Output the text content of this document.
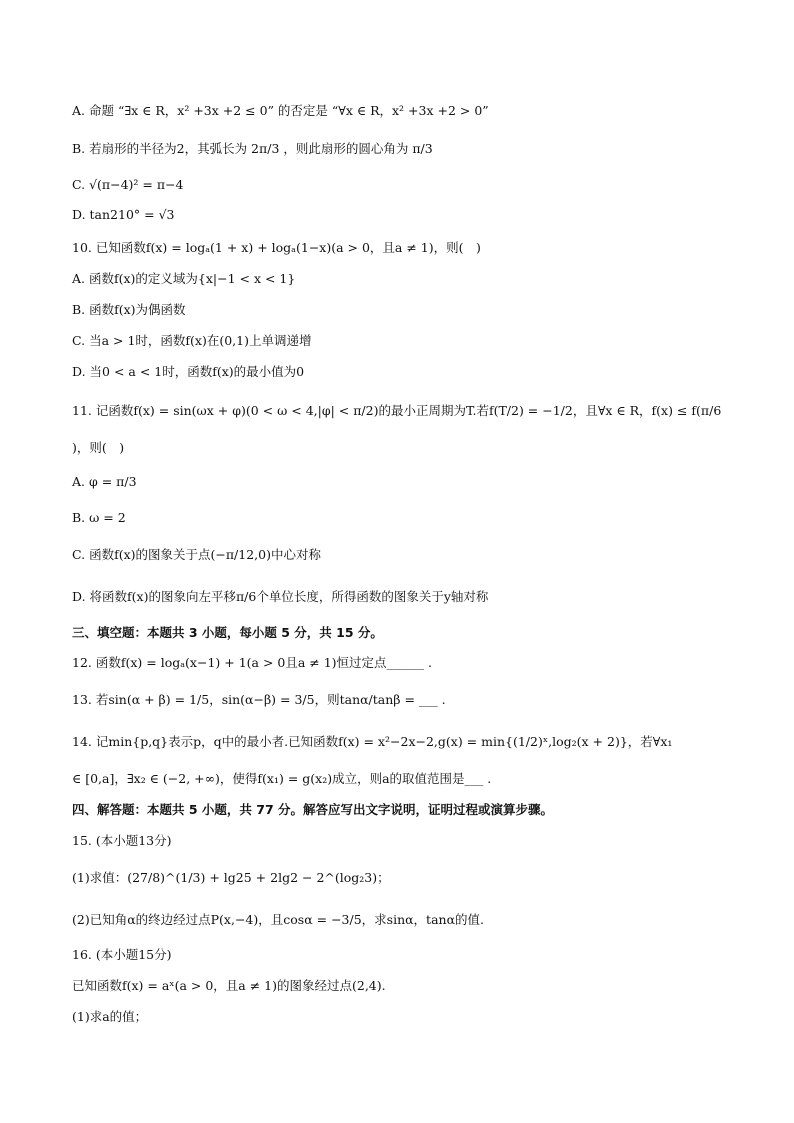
A. 命题 “∃x ∈ R，x² +3x +2 ≤ 0” 的否定是 “∀x ∈ R，x² +3x +2 > 0”
B. 若扇形的半径为2，其弧长为 2π/3 ，则此扇形的圆心角为 π/3
C. √(π−4)² = π−4
D. tan210° = √3
10. 已知函数f(x) = logₐ(1 + x) + logₐ(1−x)(a > 0，且a ≠ 1)，则(　)
A. 函数f(x)的定义域为{x|−1 < x < 1}
B. 函数f(x)为偶函数
C. 当a > 1时，函数f(x)在(0,1)上单调递增
D. 当0 < a < 1时，函数f(x)的最小值为0
11. 记函数f(x) = sin(ωx + φ)(0 < ω < 4,|φ| < π/2)的最小正周期为T.若f(T/2) = −1/2，且∀x ∈ R，f(x) ≤ f(π/6
)，则(　)
A. φ = π/3
B. ω = 2
C. 函数f(x)的图象关于点(−π/12,0)中心对称
D. 将函数f(x)的图象向左平移π/6个单位长度，所得函数的图象关于y轴对称
三、填空题：本题共 3 小题，每小题 5 分，共 15 分。
12. 函数f(x) = logₐ(x−1) + 1(a > 0且a ≠ 1)恒过定点______ .
13. 若sin(α + β) = 1/5，sin(α−β) = 3/5，则tanα/tanβ = ___ .
14. 记min{p,q}表示p，q中的最小者.已知函数f(x) = x²−2x−2,g(x) = min{(1/2)ˣ,log₂(x + 2)}，若∀x₁
∈ [0,a]，∃x₂ ∈ (−2, +∞)，使得f(x₁) = g(x₂)成立，则a的取值范围是___ .
四、解答题：本题共 5 小题，共 77 分。解答应写出文字说明，证明过程或演算步骤。
15. (本小题13分)
(1)求值：(27/8)^(1/3) + lg25 + 2lg2 − 2^(log₂3)；
(2)已知角α的终边经过点P(x,−4)，且cosα = −3/5，求sinα，tanα的值.
16. (本小题15分)
已知函数f(x) = aˣ(a > 0，且a ≠ 1)的图象经过点(2,4).
(1)求a的值；
